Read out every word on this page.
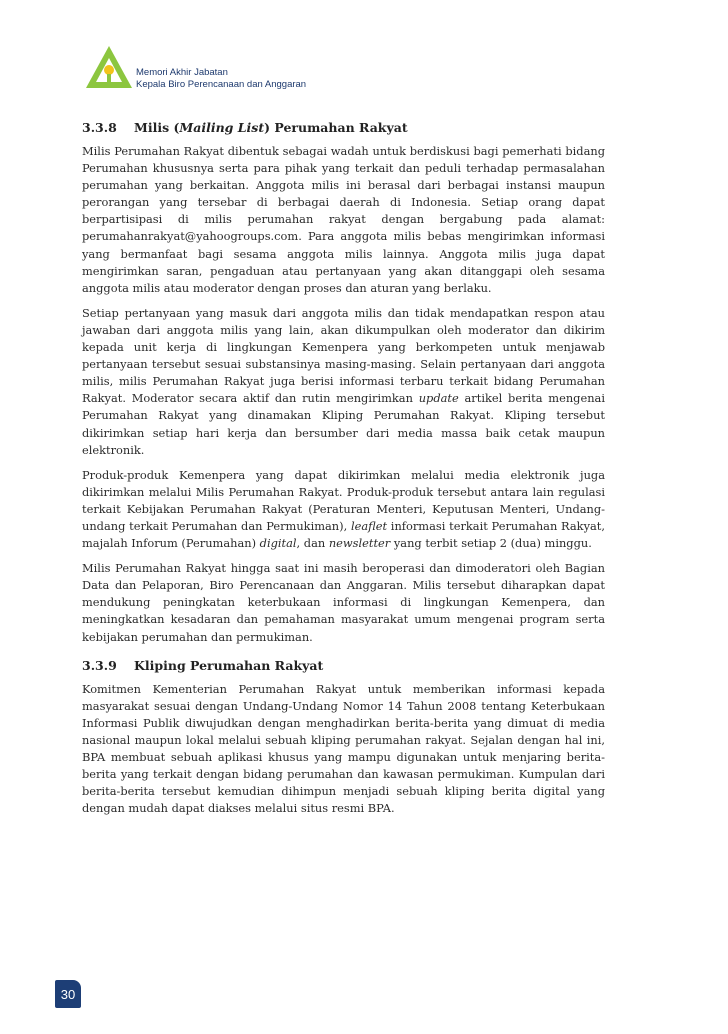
Memori Akhir Jabatan
Kepala Biro Perencanaan dan Anggaran
3.3.8	Milis (Mailing List) Perumahan Rakyat

Milis Perumahan Rakyat dibentuk sebagai wadah untuk berdiskusi bagi pemerhati bidang Perumahan khususnya serta para pihak yang terkait dan peduli terhadap permasalahan perumahan yang berkaitan. Anggota milis ini berasal dari berbagai instansi maupun perorangan yang tersebar di berbagai daerah di Indonesia. Setiap orang dapat berpartisipasi di milis perumahan rakyat dengan bergabung pada alamat: perumahanrakyat@yahoogroups.com. Para anggota milis bebas mengirimkan informasi yang bermanfaat bagi sesama anggota milis lainnya. Anggota milis juga dapat mengirimkan saran, pengaduan atau pertanyaan yang akan ditanggapi oleh sesama anggota milis atau moderator dengan proses dan aturan yang berlaku.

Setiap pertanyaan yang masuk dari anggota milis dan tidak mendapatkan respon atau jawaban dari anggota milis yang lain, akan dikumpulkan oleh moderator dan dikirim kepada unit kerja di lingkungan Kemenpera yang berkompeten untuk menjawab pertanyaan tersebut sesuai substansinya masing-masing. Selain pertanyaan dari anggota milis, milis Perumahan Rakyat juga berisi informasi terbaru terkait bidang Perumahan Rakyat. Moderator secara aktif dan rutin mengirimkan update artikel berita mengenai Perumahan Rakyat yang dinamakan Kliping Perumahan Rakyat. Kliping tersebut dikirimkan setiap hari kerja dan bersumber dari media massa baik cetak maupun elektronik.

Produk-produk Kemenpera yang dapat dikirimkan melalui media elektronik juga dikirimkan melalui Milis Perumahan Rakyat. Produk-produk tersebut antara lain regulasi terkait Kebijakan Perumahan Rakyat (Peraturan Menteri, Keputusan Menteri, Undang-undang terkait Perumahan dan Permukiman), leaflet informasi terkait Perumahan Rakyat, majalah Inforum (Perumahan) digital, dan newsletter yang terbit setiap 2 (dua) minggu.

Milis Perumahan Rakyat hingga saat ini masih beroperasi dan dimoderatori oleh Bagian Data dan Pelaporan, Biro Perencanaan dan Anggaran. Milis tersebut diharapkan dapat mendukung peningkatan keterbukaan informasi di lingkungan Kemenpera, dan meningkatkan kesadaran dan pemahaman masyarakat umum mengenai program serta kebijakan perumahan dan permukiman.

3.3.9	Kliping Perumahan Rakyat

Komitmen Kementerian Perumahan Rakyat untuk memberikan informasi kepada masyarakat sesuai dengan Undang-Undang Nomor 14 Tahun 2008 tentang Keterbukaan Informasi Publik diwujudkan dengan menghadirkan berita-berita yang dimuat di media nasional maupun lokal melalui sebuah kliping perumahan rakyat. Sejalan dengan hal ini, BPA membuat sebuah aplikasi khusus yang mampu digunakan untuk menjaring berita-berita yang terkait dengan bidang perumahan dan kawasan permukiman. Kumpulan dari berita-berita tersebut kemudian dihimpun menjadi sebuah kliping berita digital yang dengan mudah dapat diakses melalui situs resmi BPA.

30
